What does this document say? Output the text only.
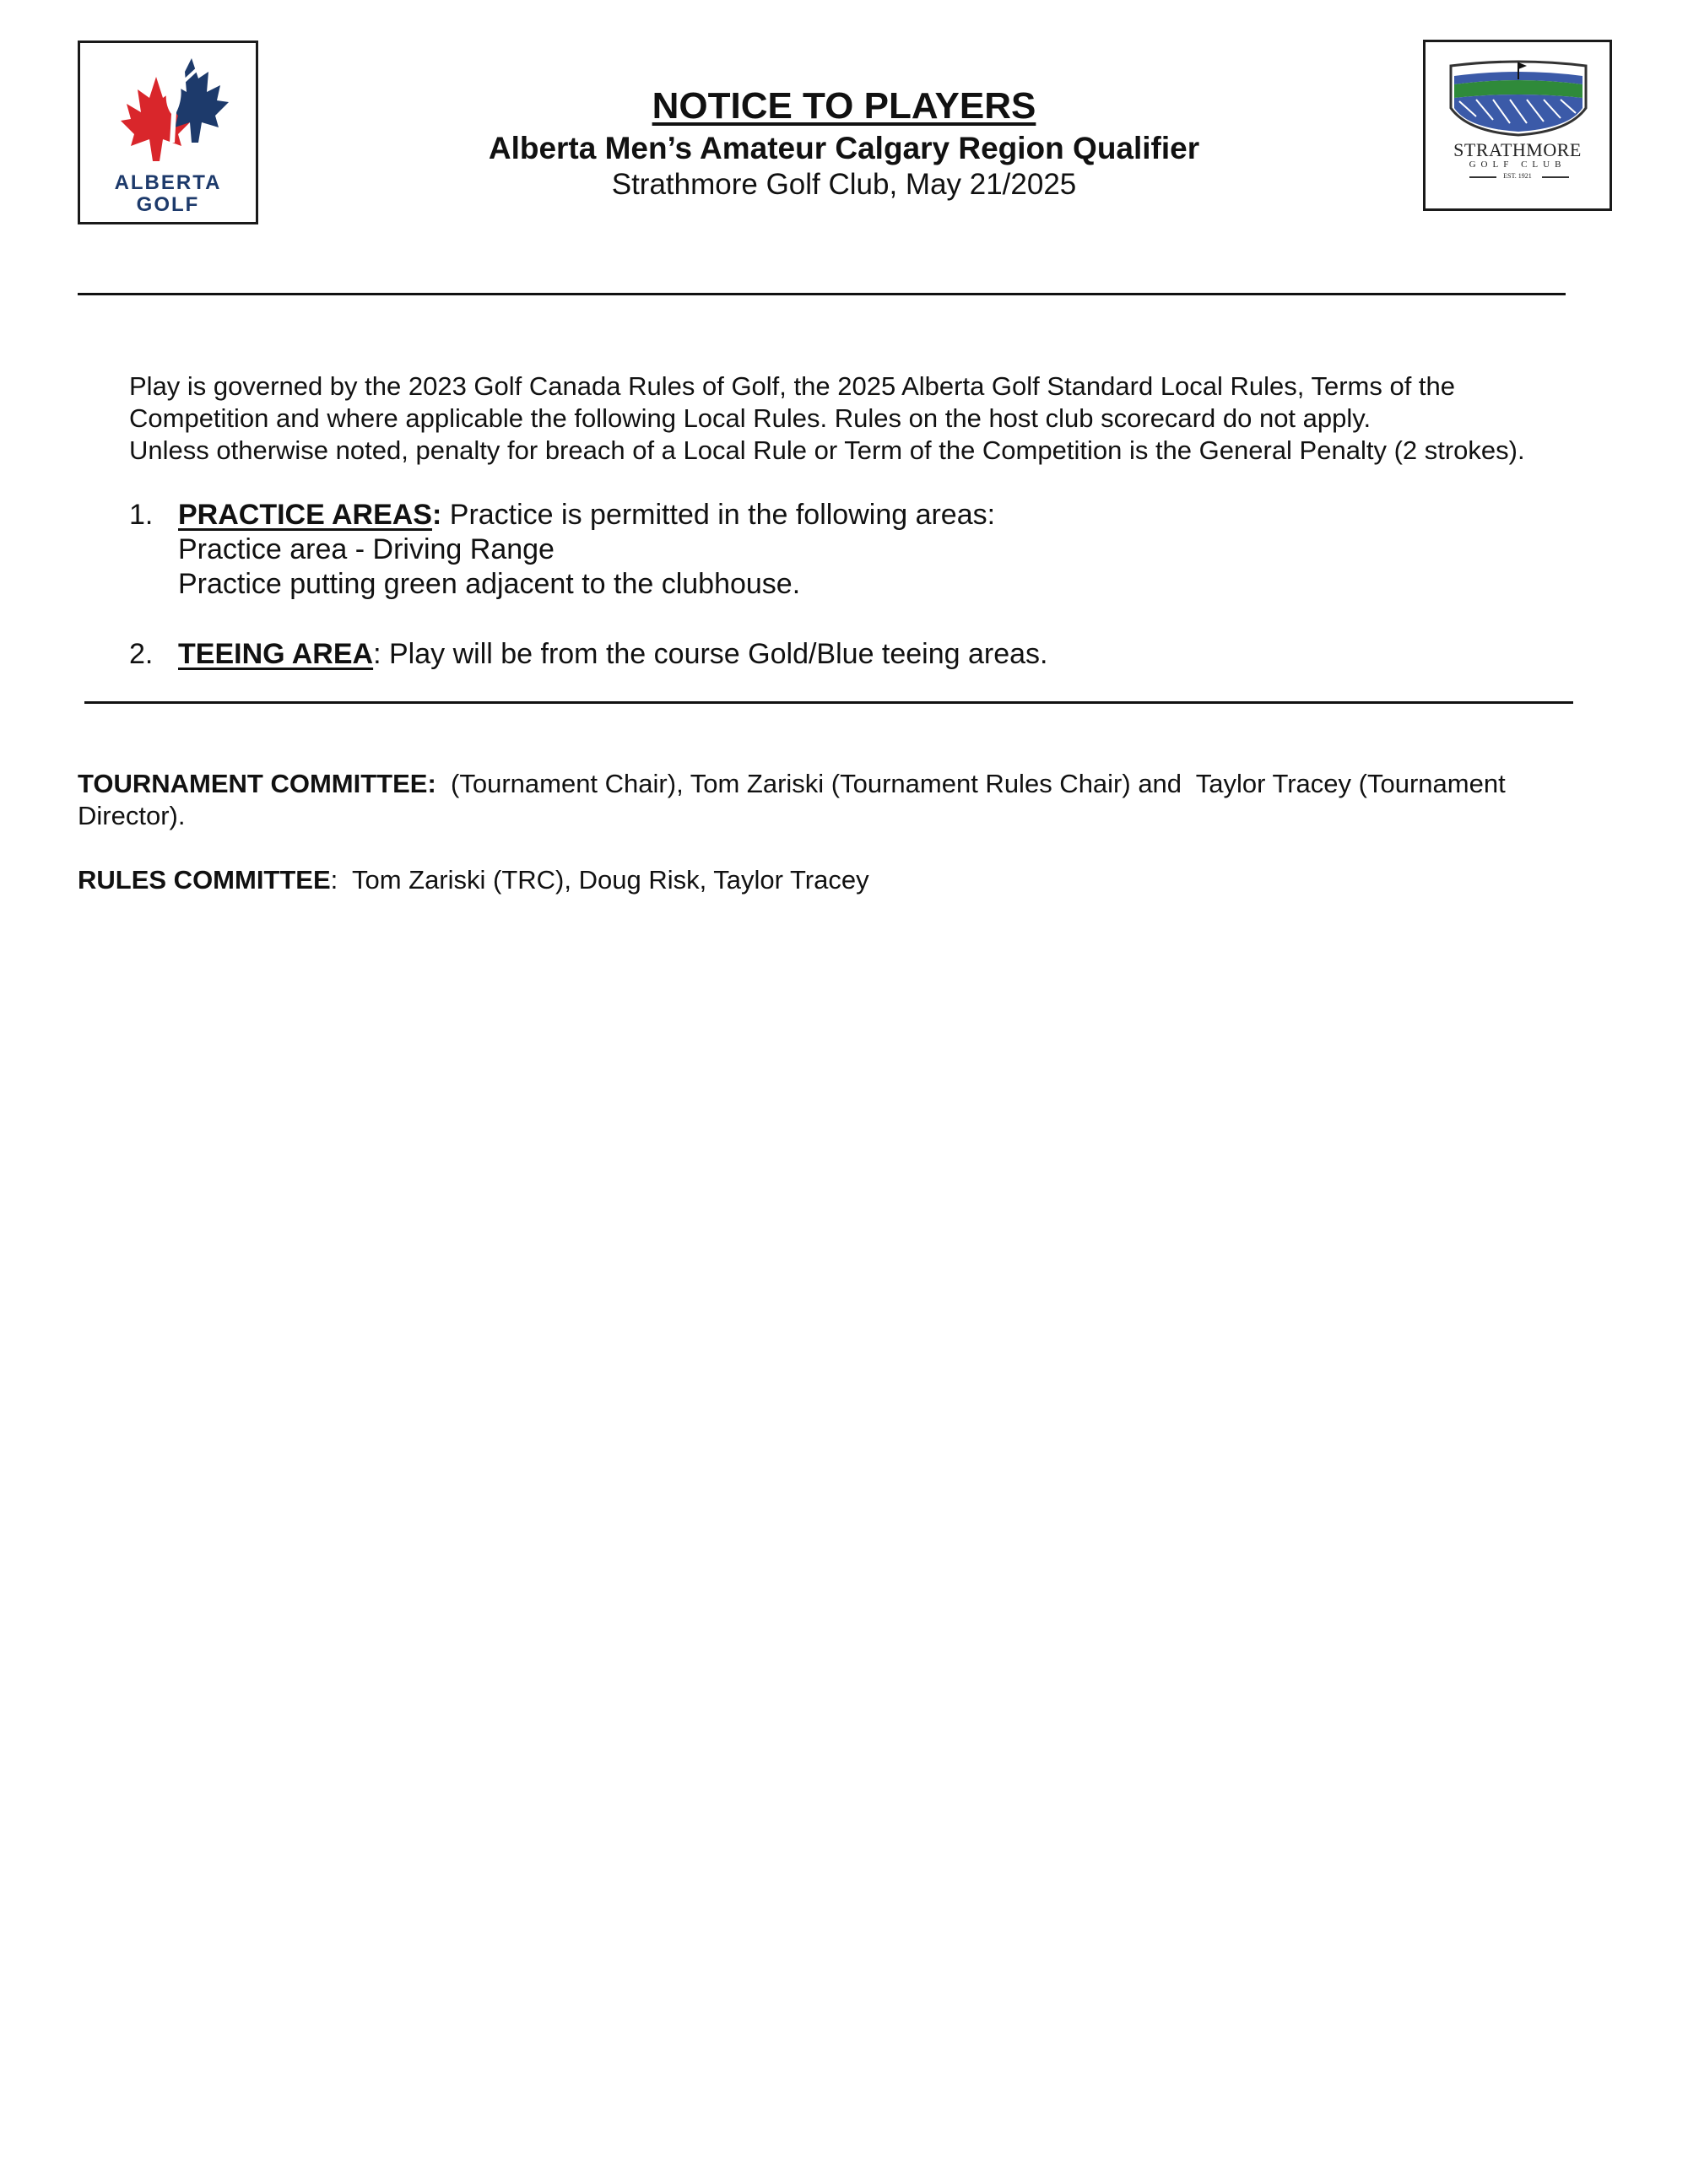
ALBERTA
GOLF
STRATHMORE
GOLF CLUB
EST. 1921
NOTICE TO PLAYERS
Alberta Men’s Amateur Calgary Region Qualifier
Strathmore Golf Club, May 21/2025
Play is governed by the 2023 Golf Canada Rules of Golf, the 2025 Alberta Golf Standard Local Rules, Terms of the
Competition and where applicable the following Local Rules. Rules on the host club scorecard do not apply.
Unless otherwise noted, penalty for breach of a Local Rule or Term of the Competition is the General Penalty (2 strokes).
1. PRACTICE AREAS: Practice is permitted in the following areas:
Practice area - Driving Range
Practice putting green adjacent to the clubhouse.
2. TEEING AREA: Play will be from the course Gold/Blue teeing areas.
TOURNAMENT COMMITTEE:  (Tournament Chair), Tom Zariski (Tournament Rules Chair) and  Taylor Tracey (Tournament
Director).
RULES COMMITTEE:  Tom Zariski (TRC), Doug Risk, Taylor Tracey
